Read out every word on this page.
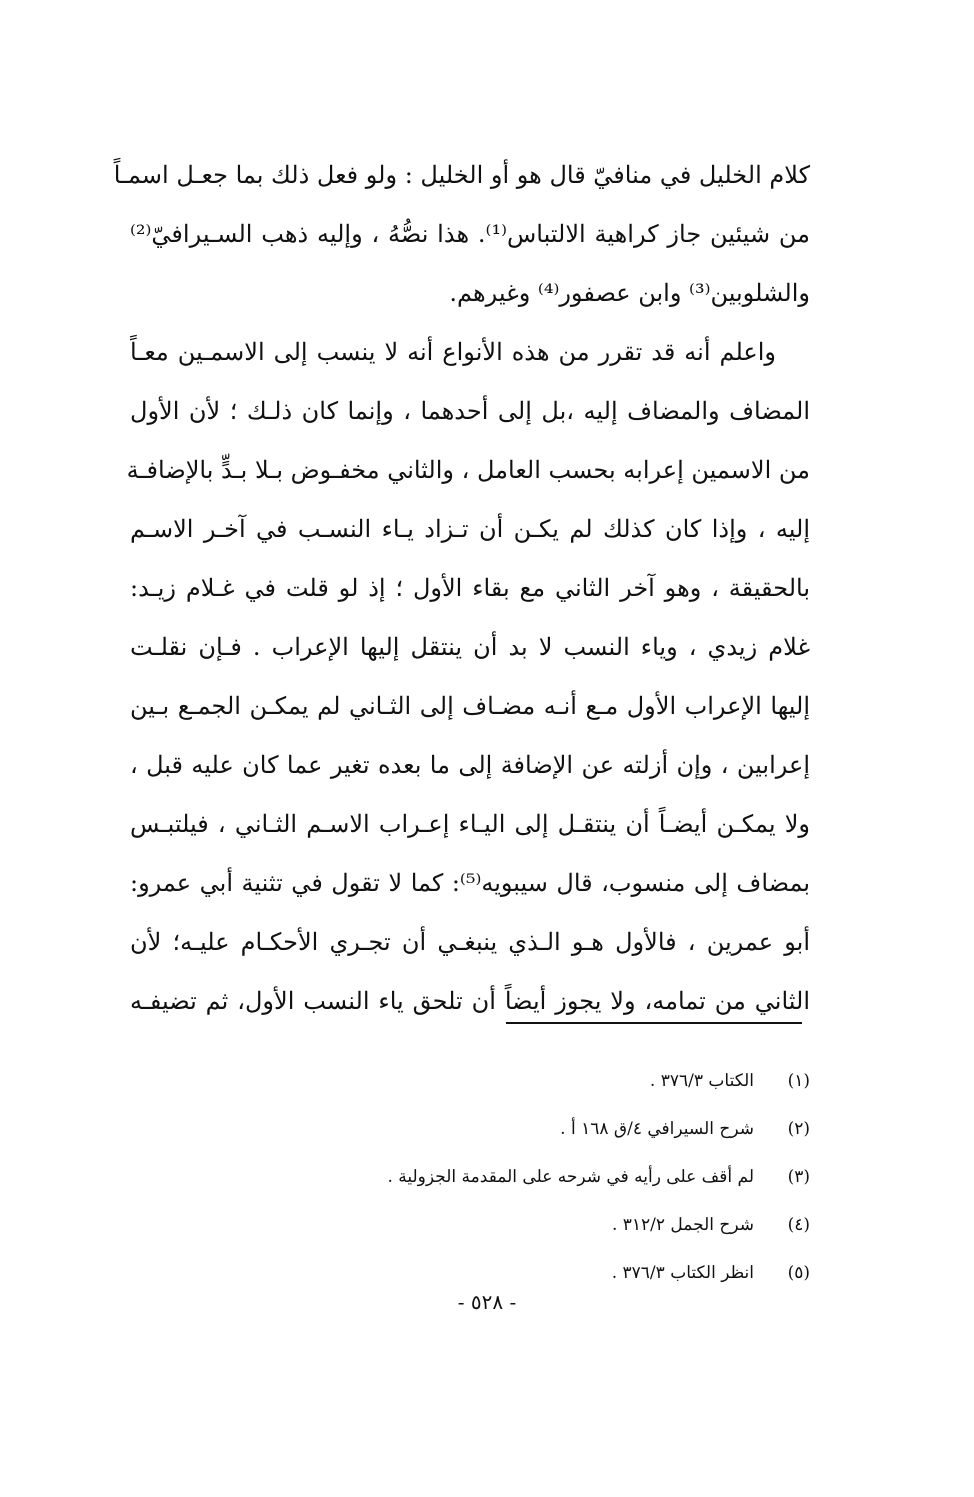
كلام الخليل في منافيّ قال هو أو الخليل : ولو فعل ذلك بما جعـل اسمـاً
من شيئين جاز كراهية الالتباس⁽¹⁾. هذا نصُّهُ ، وإليه ذهب السـيرافيّ⁽²⁾
والشلوبين⁽³⁾ وابن عصفور⁽⁴⁾ وغيرهم.
واعلم أنه قد تقرر من هذه الأنواع أنه لا ينسب إلى الاسمـين معـاً
المضاف والمضاف إليه ،بل إلى أحدهما ، وإنما كان ذلـك ؛ لأن الأول
من الاسمين إعرابه بحسب العامل ، والثاني مخفـوض بـلا بـدٍّ بالإضافـة
إليه ، وإذا كان كذلك لم يكـن أن تـزاد يـاء النسـب في آخـر الاسـم
بالحقيقة ، وهو آخر الثاني مع بقاء الأول ؛ إذ لو قلت في غـلام زيـد:
غلام زيدي ، وياء النسب لا بد أن ينتقل إليها الإعراب . فـإن نقلـت
إليها الإعراب الأول مـع أنـه مضـاف إلى الثـاني لم يمكـن الجمـع بـين
إعرابين ، وإن أزلته عن الإضافة إلى ما بعده تغير عما كان عليه قبل ،
ولا يمكـن أيضـاً أن ينتقـل إلى اليـاء إعـراب الاسـم الثـاني ، فيلتبـس
بمضاف إلى منسوب، قال سيبويه⁽⁵⁾: كما لا تقول في تثنية أبي عمرو:
أبو عمرين ، فالأول هـو الـذي ينبغـي أن تجـري الأحكـام عليـه؛ لأن
الثاني من تمامه، ولا يجوز أيضاً أن تلحق ياء النسب الأول، ثم تضيفـه
(١)الكتاب ٣٧٦/٣ .
(٢)شرح السيرافي ٤/ق ١٦٨ أ .
(٣)لم أقف على رأيه في شرحه على المقدمة الجزولية .
(٤)شرح الجمل ٣١٢/٢ .
(٥)انظر الكتاب ٣٧٦/٣ .
- ٥٢٨ -
